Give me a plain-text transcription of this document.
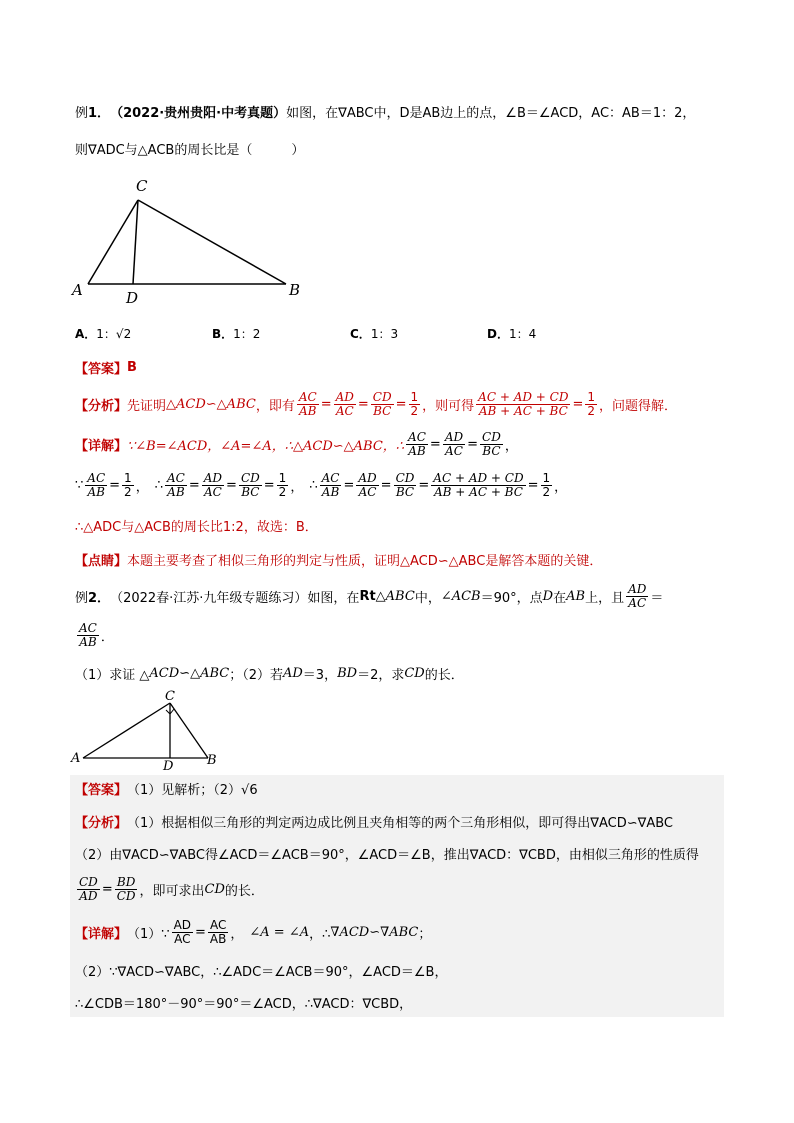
例 1． （2022·贵州贵阳·中考真题） 如图，在∇ABC中，D是AB边上的点，∠B＝∠ACD，AC：AB＝1：2，
则∇ADC与△ACB的周长比是（　　　）
C
A	D	B
A．1：√2	B．1：2	C．1：3	D．1：4
【答案】 B
【分析】 先证明 △ACD∽△ABC ，即有 $\frac{AC}{AB} = \frac{AD}{AC} = \frac{CD}{BC} = \frac{1}{2}$ ，则可得 $\frac{AC + AD + CD}{AB + AC + BC} = \frac{1}{2}$ ，问题得解．
【详解】 ∵∠B=∠ACD，∠A=∠A，∴△ACD∽△ABC，∴ $\frac{AC}{AB} = \frac{AD}{AC} = \frac{CD}{BC}$ ，
∵ $\frac{AC}{AB} = \frac{1}{2}$ ， ∴ $\frac{AC}{AB} = \frac{AD}{AC} = \frac{CD}{BC} = \frac{1}{2}$ ， ∴ $\frac{AC}{AB} = \frac{AD}{AC} = \frac{CD}{BC} = \frac{AC + AD + CD}{AB + AC + BC} = \frac{1}{2}$ ，
∴△ADC与△ACB的周长比1:2，故选：B．
【点睛】 本题主要考查了相似三角形的判定与性质，证明△ACD∽△ABC是解答本题的关键．
例 2． （2022春·江苏·九年级专题练习） 如图，在 Rt △ABC 中， ∠ACB ＝90°，点 D 在 AB 上，且 $\frac{AD}{AC}$ ＝
$\frac{AC}{AB}$ ．
（1）求证 △ ACD ∽△ ABC ；（2）若 AD ＝3， BD ＝2，求 CD 的长．
C
A
D	B
【答案】 （1）见解析；（2）√6
【分析】 （1）根据相似三角形的判定两边成比例且夹角相等的两个三角形相似，即可得出∇ACD∽∇ABC
（2）由∇ACD∽∇ABC得∠ACD＝∠ACB＝90°，∠ACD＝∠B，推出∇ACD：∇CBD，由相似三角形的性质得
$\frac{CD}{AD} = \frac{BD}{CD}$ ，即可求出 CD 的长．
【详解】 （1）∵ $\frac{AD}{AC} = \frac{AC}{AB}$ ， ∠A = ∠A ，∴ ∇ACD∽∇ABC ；
（2）∵∇ACD∽∇ABC，∴∠ADC＝∠ACB＝90°，∠ACD＝∠B，
∴∠CDB＝180°－90°＝90°＝∠ACD，∴∇ACD：∇CBD，
